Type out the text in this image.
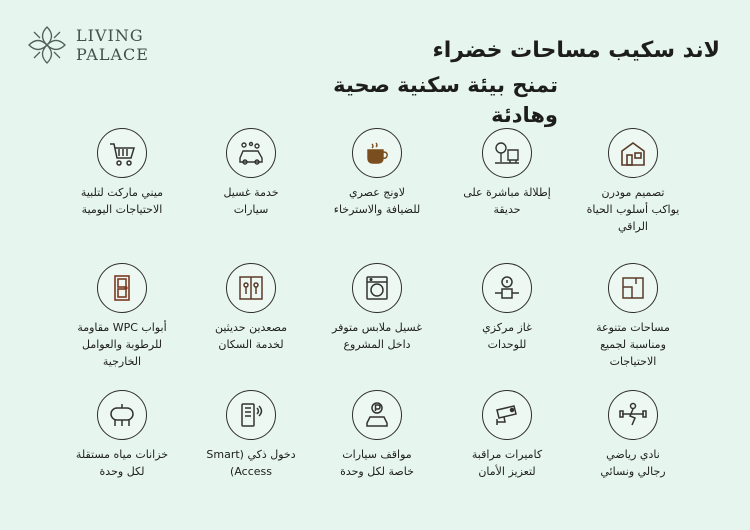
LIVING
PALACE	لاند سكيب مساحات خضراء
تمنح بيئة سكنية صحية وهادئة
تصميم مودرن
يواكب أسلوب الحياة
الراقي
إطلالة مباشرة على
حديقة
لاونج عصري
للضيافة والاسترخاء
خدمة غسيل
سيارات
ميني ماركت لتلبية
الاحتياجات اليومية
مساحات متنوعة
ومناسبة لجميع
الاحتياجات
غاز مركزي
للوحدات
غسيل ملابس متوفر
داخل المشروع
مصعدين حديثين
لخدمة السكان
أبواب WPC مقاومة
للرطوبة والعوامل
الخارجية
نادي رياضي
رجالي ونسائي
كاميرات مراقبة
لتعزيز الأمان
مواقف سيارات
خاصة لكل وحدة
دخول ذكي (Smart
Access)
خزانات مياه مستقلة
لكل وحدة
